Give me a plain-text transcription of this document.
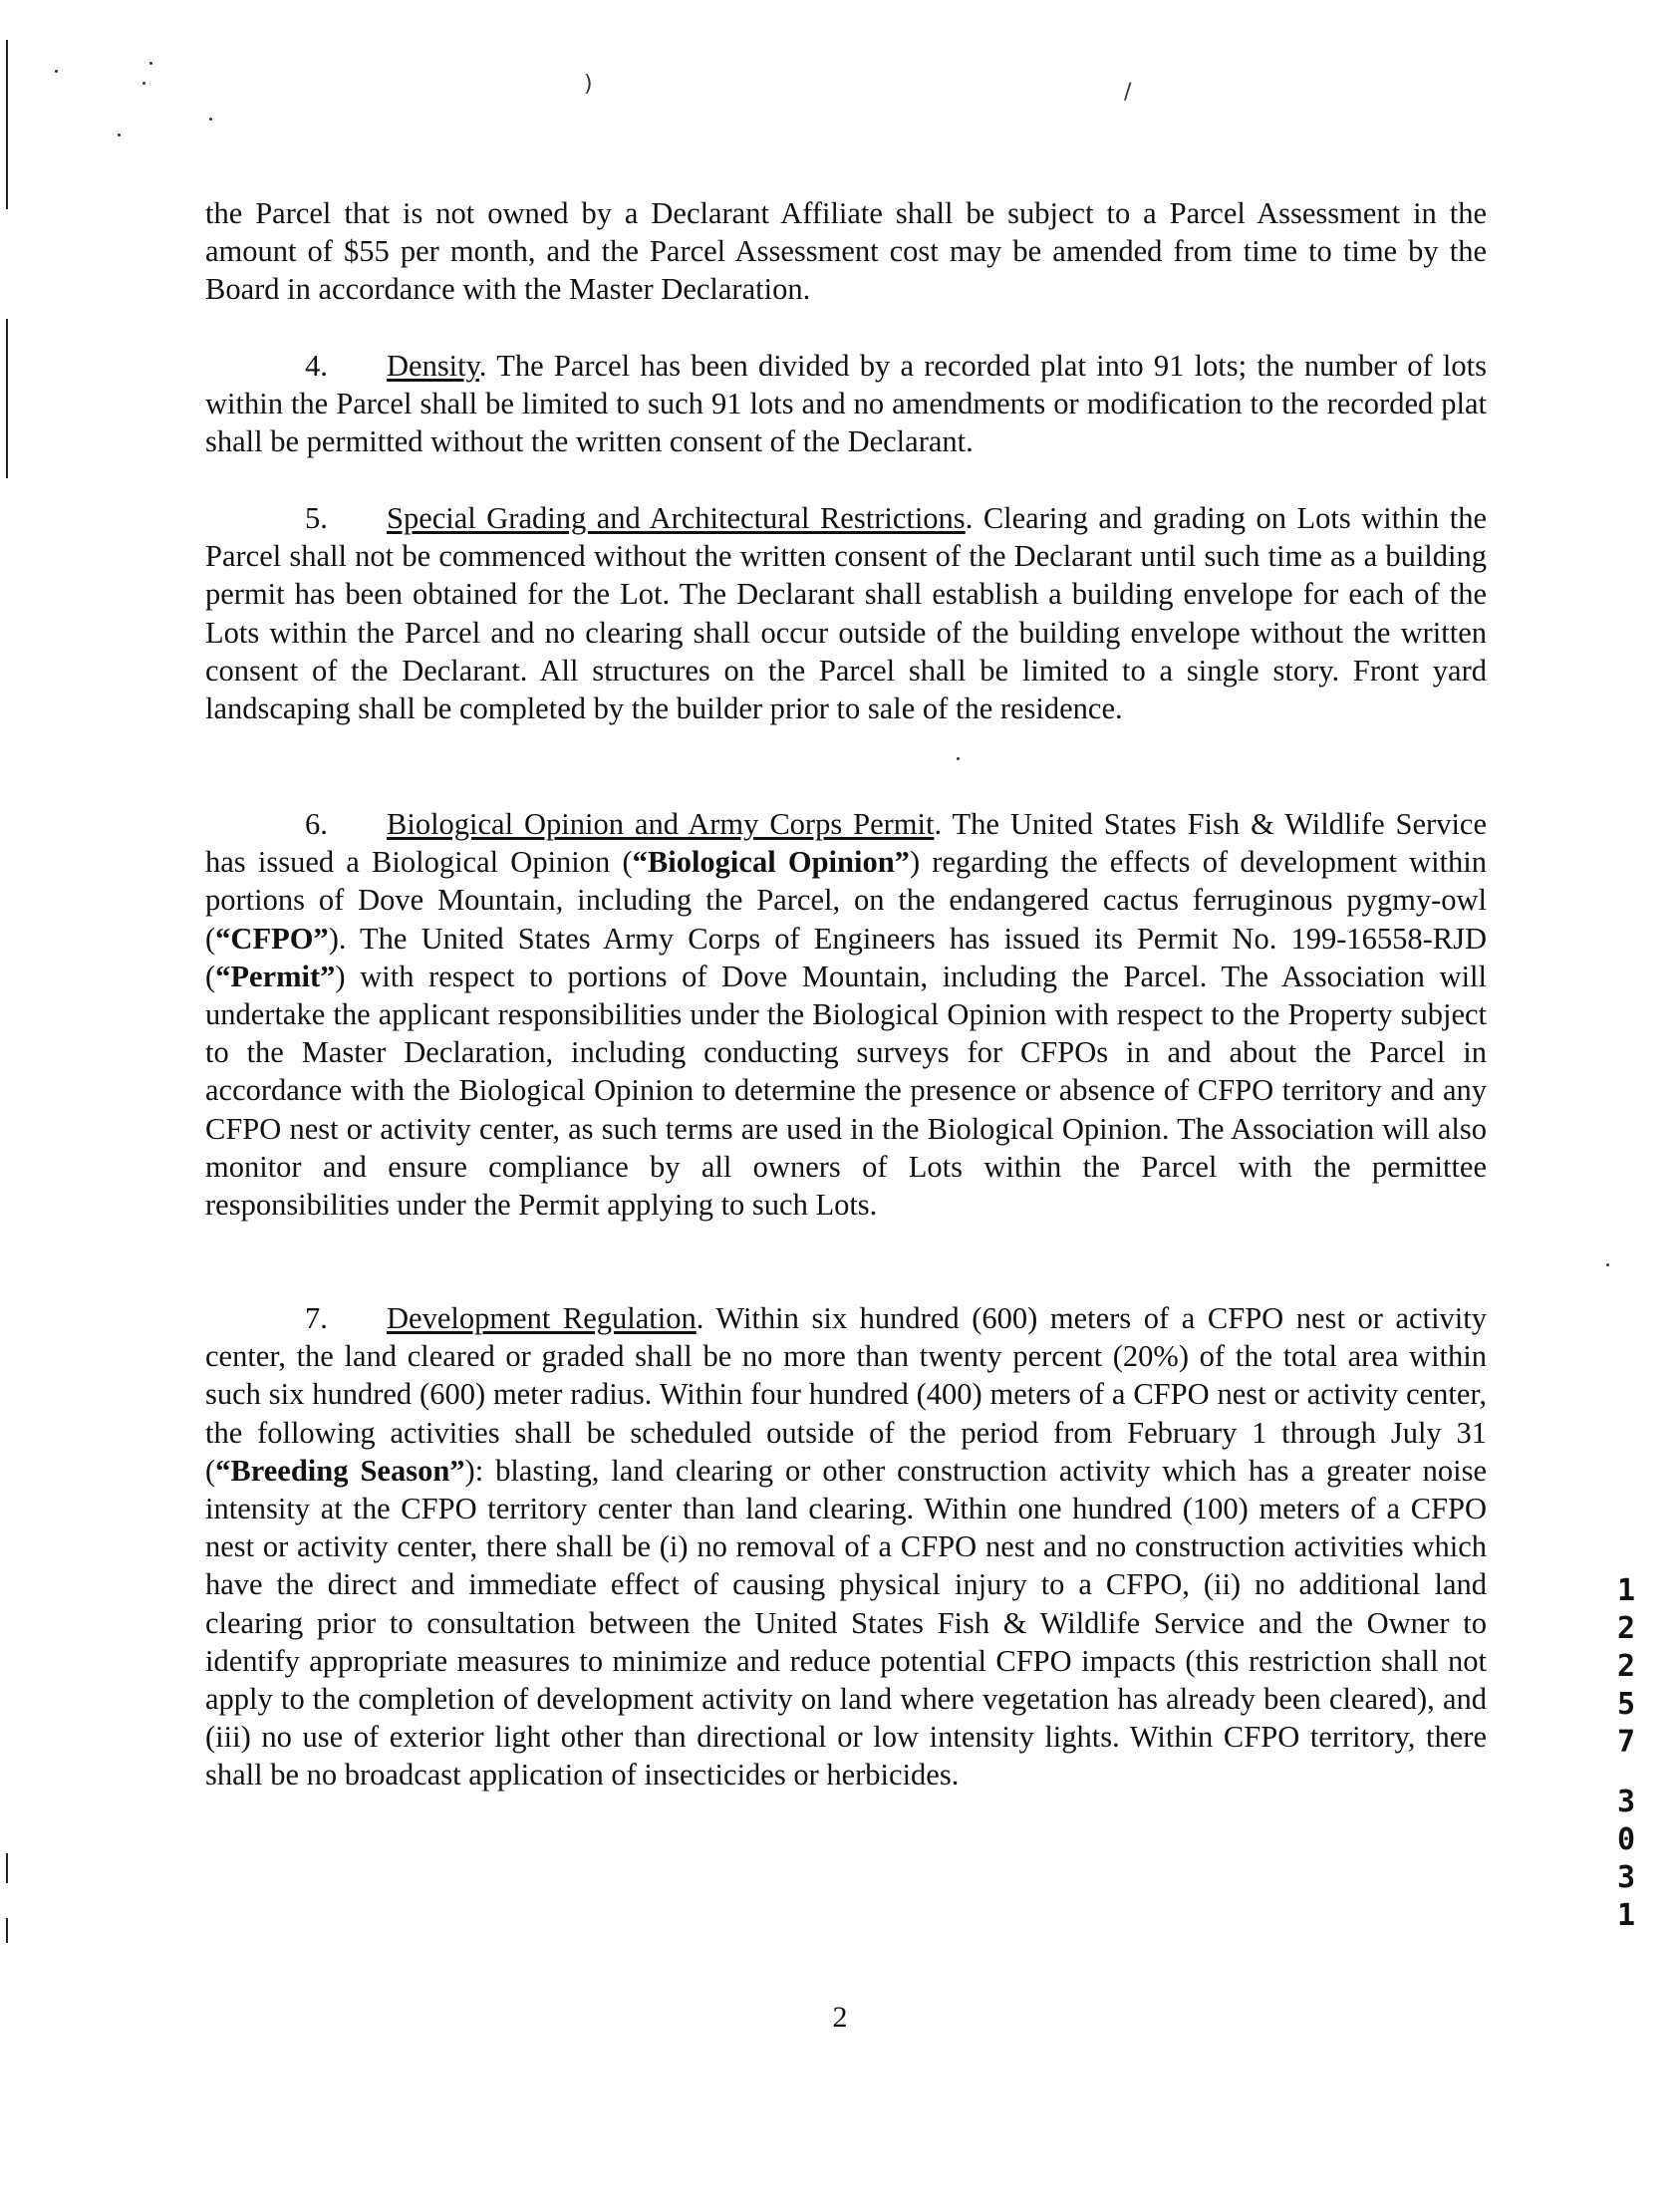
)	/

the Parcel that is not owned by a Declarant Affiliate shall be subject to a Parcel Assessment in the amount of $55 per month, and the Parcel Assessment cost may be amended from time to time by the Board in accordance with the Master Declaration.

4. Density. The Parcel has been divided by a recorded plat into 91 lots; the number of lots within the Parcel shall be limited to such 91 lots and no amendments or modification to the recorded plat shall be permitted without the written consent of the Declarant.

5. Special Grading and Architectural Restrictions. Clearing and grading on Lots within the Parcel shall not be commenced without the written consent of the Declarant until such time as a building permit has been obtained for the Lot. The Declarant shall establish a building envelope for each of the Lots within the Parcel and no clearing shall occur outside of the building envelope without the written consent of the Declarant. All structures on the Parcel shall be limited to a single story. Front yard landscaping shall be completed by the builder prior to sale of the residence.

6. Biological Opinion and Army Corps Permit. The United States Fish & Wildlife Service has issued a Biological Opinion (“Biological Opinion”) regarding the effects of development within portions of Dove Mountain, including the Parcel, on the endangered cactus ferruginous pygmy-owl (“CFPO”). The United States Army Corps of Engineers has issued its Permit No. 199-16558-RJD (“Permit”) with respect to portions of Dove Mountain, including the Parcel. The Association will undertake the applicant responsibilities under the Biological Opinion with respect to the Property subject to the Master Declaration, including conducting surveys for CFPOs in and about the Parcel in accordance with the Biological Opinion to determine the presence or absence of CFPO territory and any CFPO nest or activity center, as such terms are used in the Biological Opinion. The Association will also monitor and ensure compliance by all owners of Lots within the Parcel with the permittee responsibilities under the Permit applying to such Lots.

7. Development Regulation. Within six hundred (600) meters of a CFPO nest or activity center, the land cleared or graded shall be no more than twenty percent (20%) of the total area within such six hundred (600) meter radius. Within four hundred (400) meters of a CFPO nest or activity center, the following activities shall be scheduled outside of the period from February 1 through July 31 (“Breeding Season”): blasting, land clearing or other construction activity which has a greater noise intensity at the CFPO territory center than land clearing. Within one hundred (100) meters of a CFPO nest or activity center, there shall be (i) no removal of a CFPO nest and no construction activities which have the direct and immediate effect of causing physical injury to a CFPO, (ii) no additional land clearing prior to consultation between the United States Fish & Wildlife Service and the Owner to identify appropriate measures to minimize and reduce potential CFPO impacts (this restriction shall not apply to the completion of development activity on land where vegetation has already been cleared), and (iii) no use of exterior light other than directional or low intensity lights. Within CFPO territory, there shall be no broadcast application of insecticides or herbicides.

1
2
2
5
7
3
0
3
1
2
